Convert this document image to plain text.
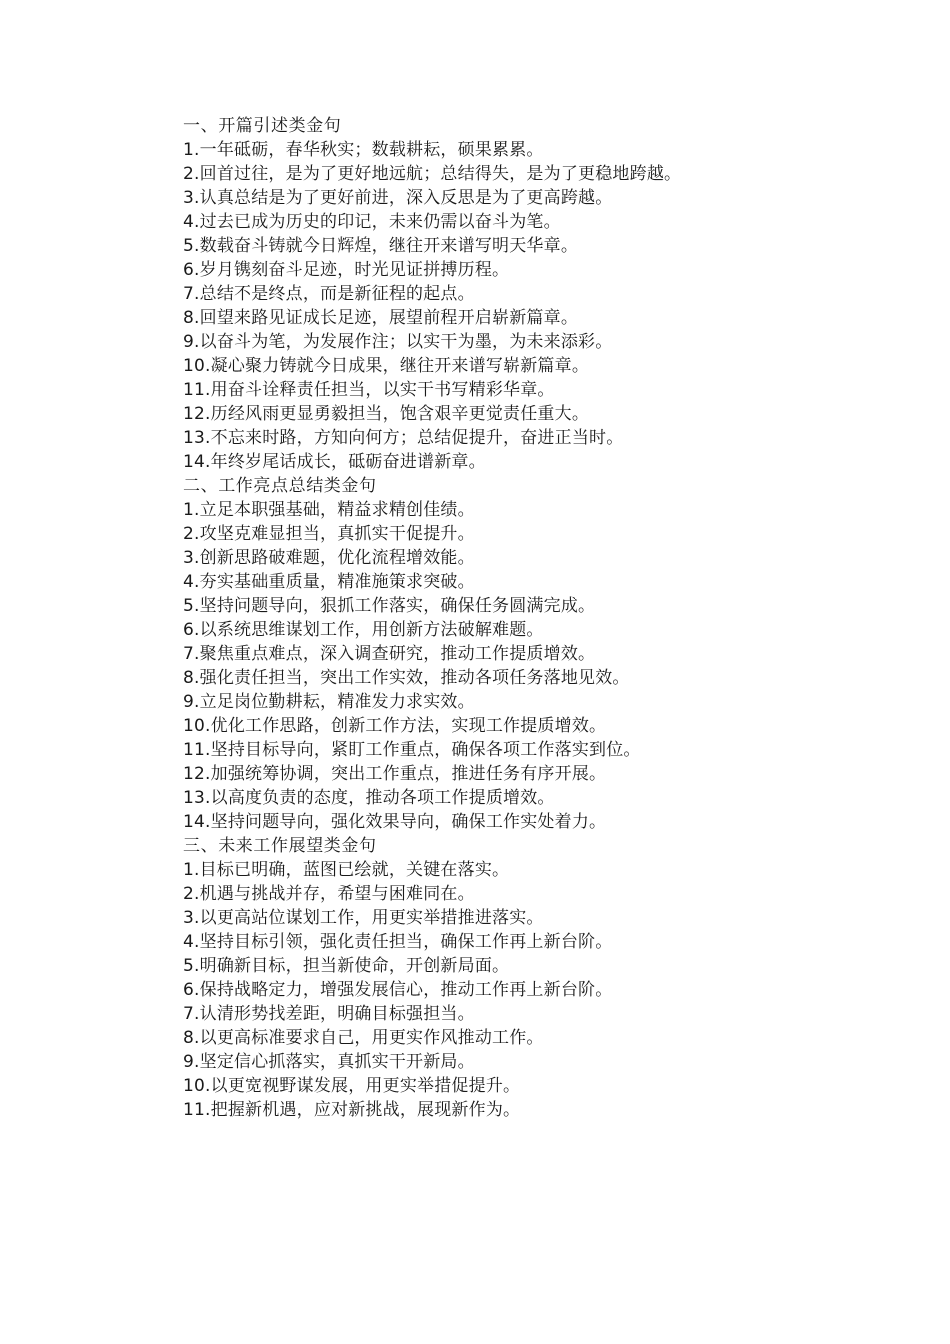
一、开篇引述类金句
1.一年砥砺，春华秋实；数载耕耘，硕果累累。
2.回首过往，是为了更好地远航；总结得失，是为了更稳地跨越。
3.认真总结是为了更好前进，深入反思是为了更高跨越。
4.过去已成为历史的印记，未来仍需以奋斗为笔。
5.数载奋斗铸就今日辉煌，继往开来谱写明天华章。
6.岁月镌刻奋斗足迹，时光见证拼搏历程。
7.总结不是终点，而是新征程的起点。
8.回望来路见证成长足迹，展望前程开启崭新篇章。
9.以奋斗为笔，为发展作注；以实干为墨，为未来添彩。
10.凝心聚力铸就今日成果，继往开来谱写崭新篇章。
11.用奋斗诠释责任担当，以实干书写精彩华章。
12.历经风雨更显勇毅担当，饱含艰辛更觉责任重大。
13.不忘来时路，方知向何方；总结促提升，奋进正当时。
14.年终岁尾话成长，砥砺奋进谱新章。
二、工作亮点总结类金句
1.立足本职强基础，精益求精创佳绩。
2.攻坚克难显担当，真抓实干促提升。
3.创新思路破难题，优化流程增效能。
4.夯实基础重质量，精准施策求突破。
5.坚持问题导向，狠抓工作落实，确保任务圆满完成。
6.以系统思维谋划工作，用创新方法破解难题。
7.聚焦重点难点，深入调查研究，推动工作提质增效。
8.强化责任担当，突出工作实效，推动各项任务落地见效。
9.立足岗位勤耕耘，精准发力求实效。
10.优化工作思路，创新工作方法，实现工作提质增效。
11.坚持目标导向，紧盯工作重点，确保各项工作落实到位。
12.加强统筹协调，突出工作重点，推进任务有序开展。
13.以高度负责的态度，推动各项工作提质增效。
14.坚持问题导向，强化效果导向，确保工作实处着力。
三、未来工作展望类金句
1.目标已明确，蓝图已绘就，关键在落实。
2.机遇与挑战并存，希望与困难同在。
3.以更高站位谋划工作，用更实举措推进落实。
4.坚持目标引领，强化责任担当，确保工作再上新台阶。
5.明确新目标，担当新使命，开创新局面。
6.保持战略定力，增强发展信心，推动工作再上新台阶。
7.认清形势找差距，明确目标强担当。
8.以更高标准要求自己，用更实作风推动工作。
9.坚定信心抓落实，真抓实干开新局。
10.以更宽视野谋发展，用更实举措促提升。
11.把握新机遇，应对新挑战，展现新作为。
